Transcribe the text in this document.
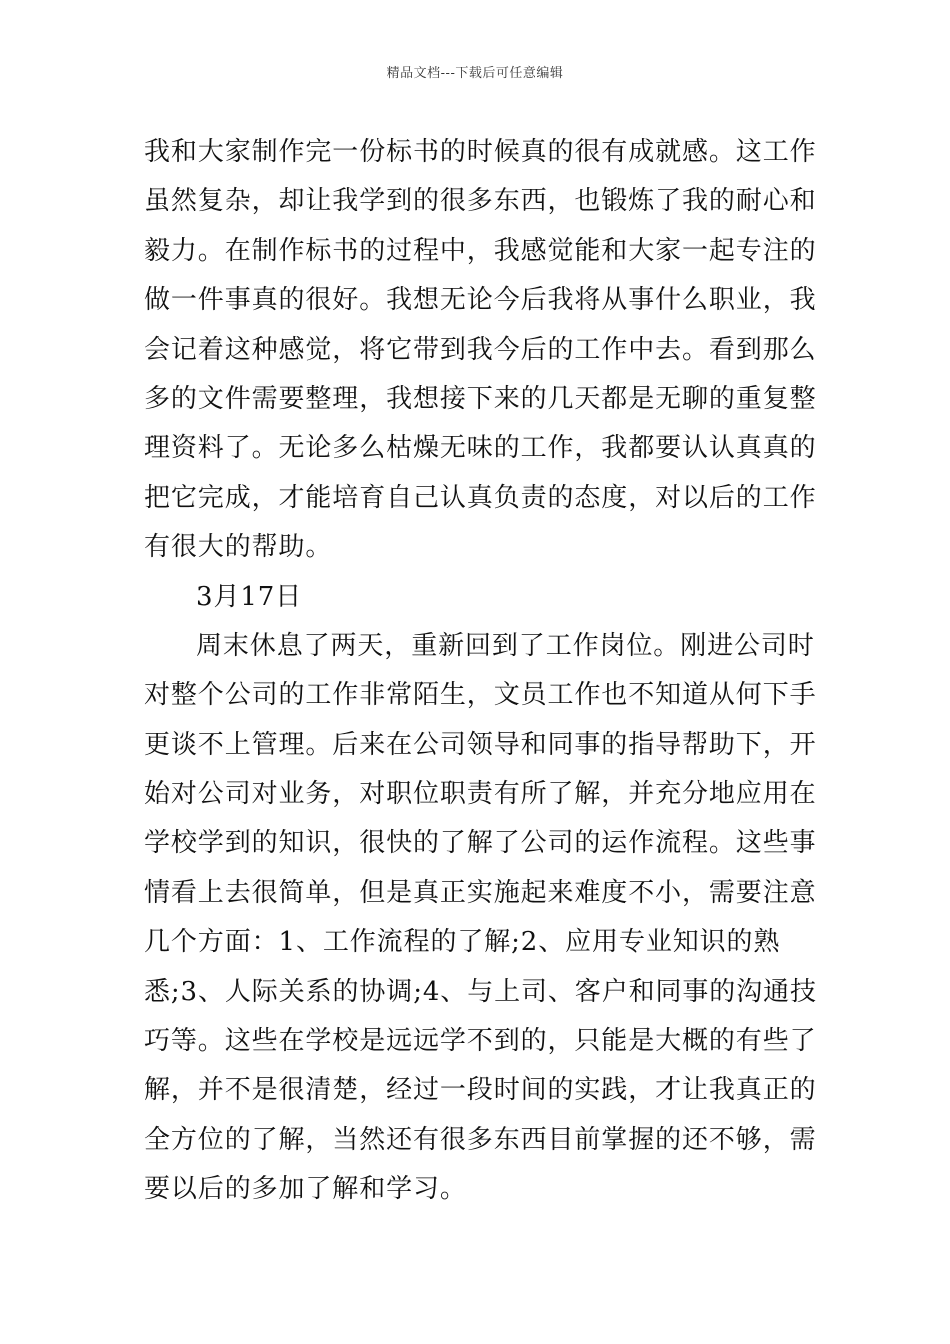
精品文档---下载后可任意编辑
我和大家制作完一份标书的时候真的很有成就感。这工作
虽然复杂，却让我学到的很多东西，也锻炼了我的耐心和
毅力。在制作标书的过程中，我感觉能和大家一起专注的
做一件事真的很好。我想无论今后我将从事什么职业，我
会记着这种感觉，将它带到我今后的工作中去。看到那么
多的文件需要整理，我想接下来的几天都是无聊的重复整
理资料了。无论多么枯燥无味的工作，我都要认认真真的
把它完成，才能培育自己认真负责的态度，对以后的工作
有很大的帮助。
3月17日
周末休息了两天，重新回到了工作岗位。刚进公司时
对整个公司的工作非常陌生，文员工作也不知道从何下手
更谈不上管理。后来在公司领导和同事的指导帮助下，开
始对公司对业务，对职位职责有所了解，并充分地应用在
学校学到的知识，很快的了解了公司的运作流程。这些事
情看上去很简单，但是真正实施起来难度不小，需要注意
几个方面：1、工作流程的了解;2、应用专业知识的熟
悉;3、人际关系的协调;4、与上司、客户和同事的沟通技
巧等。这些在学校是远远学不到的，只能是大概的有些了
解，并不是很清楚，经过一段时间的实践，才让我真正的
全方位的了解，当然还有很多东西目前掌握的还不够，需
要以后的多加了解和学习。
